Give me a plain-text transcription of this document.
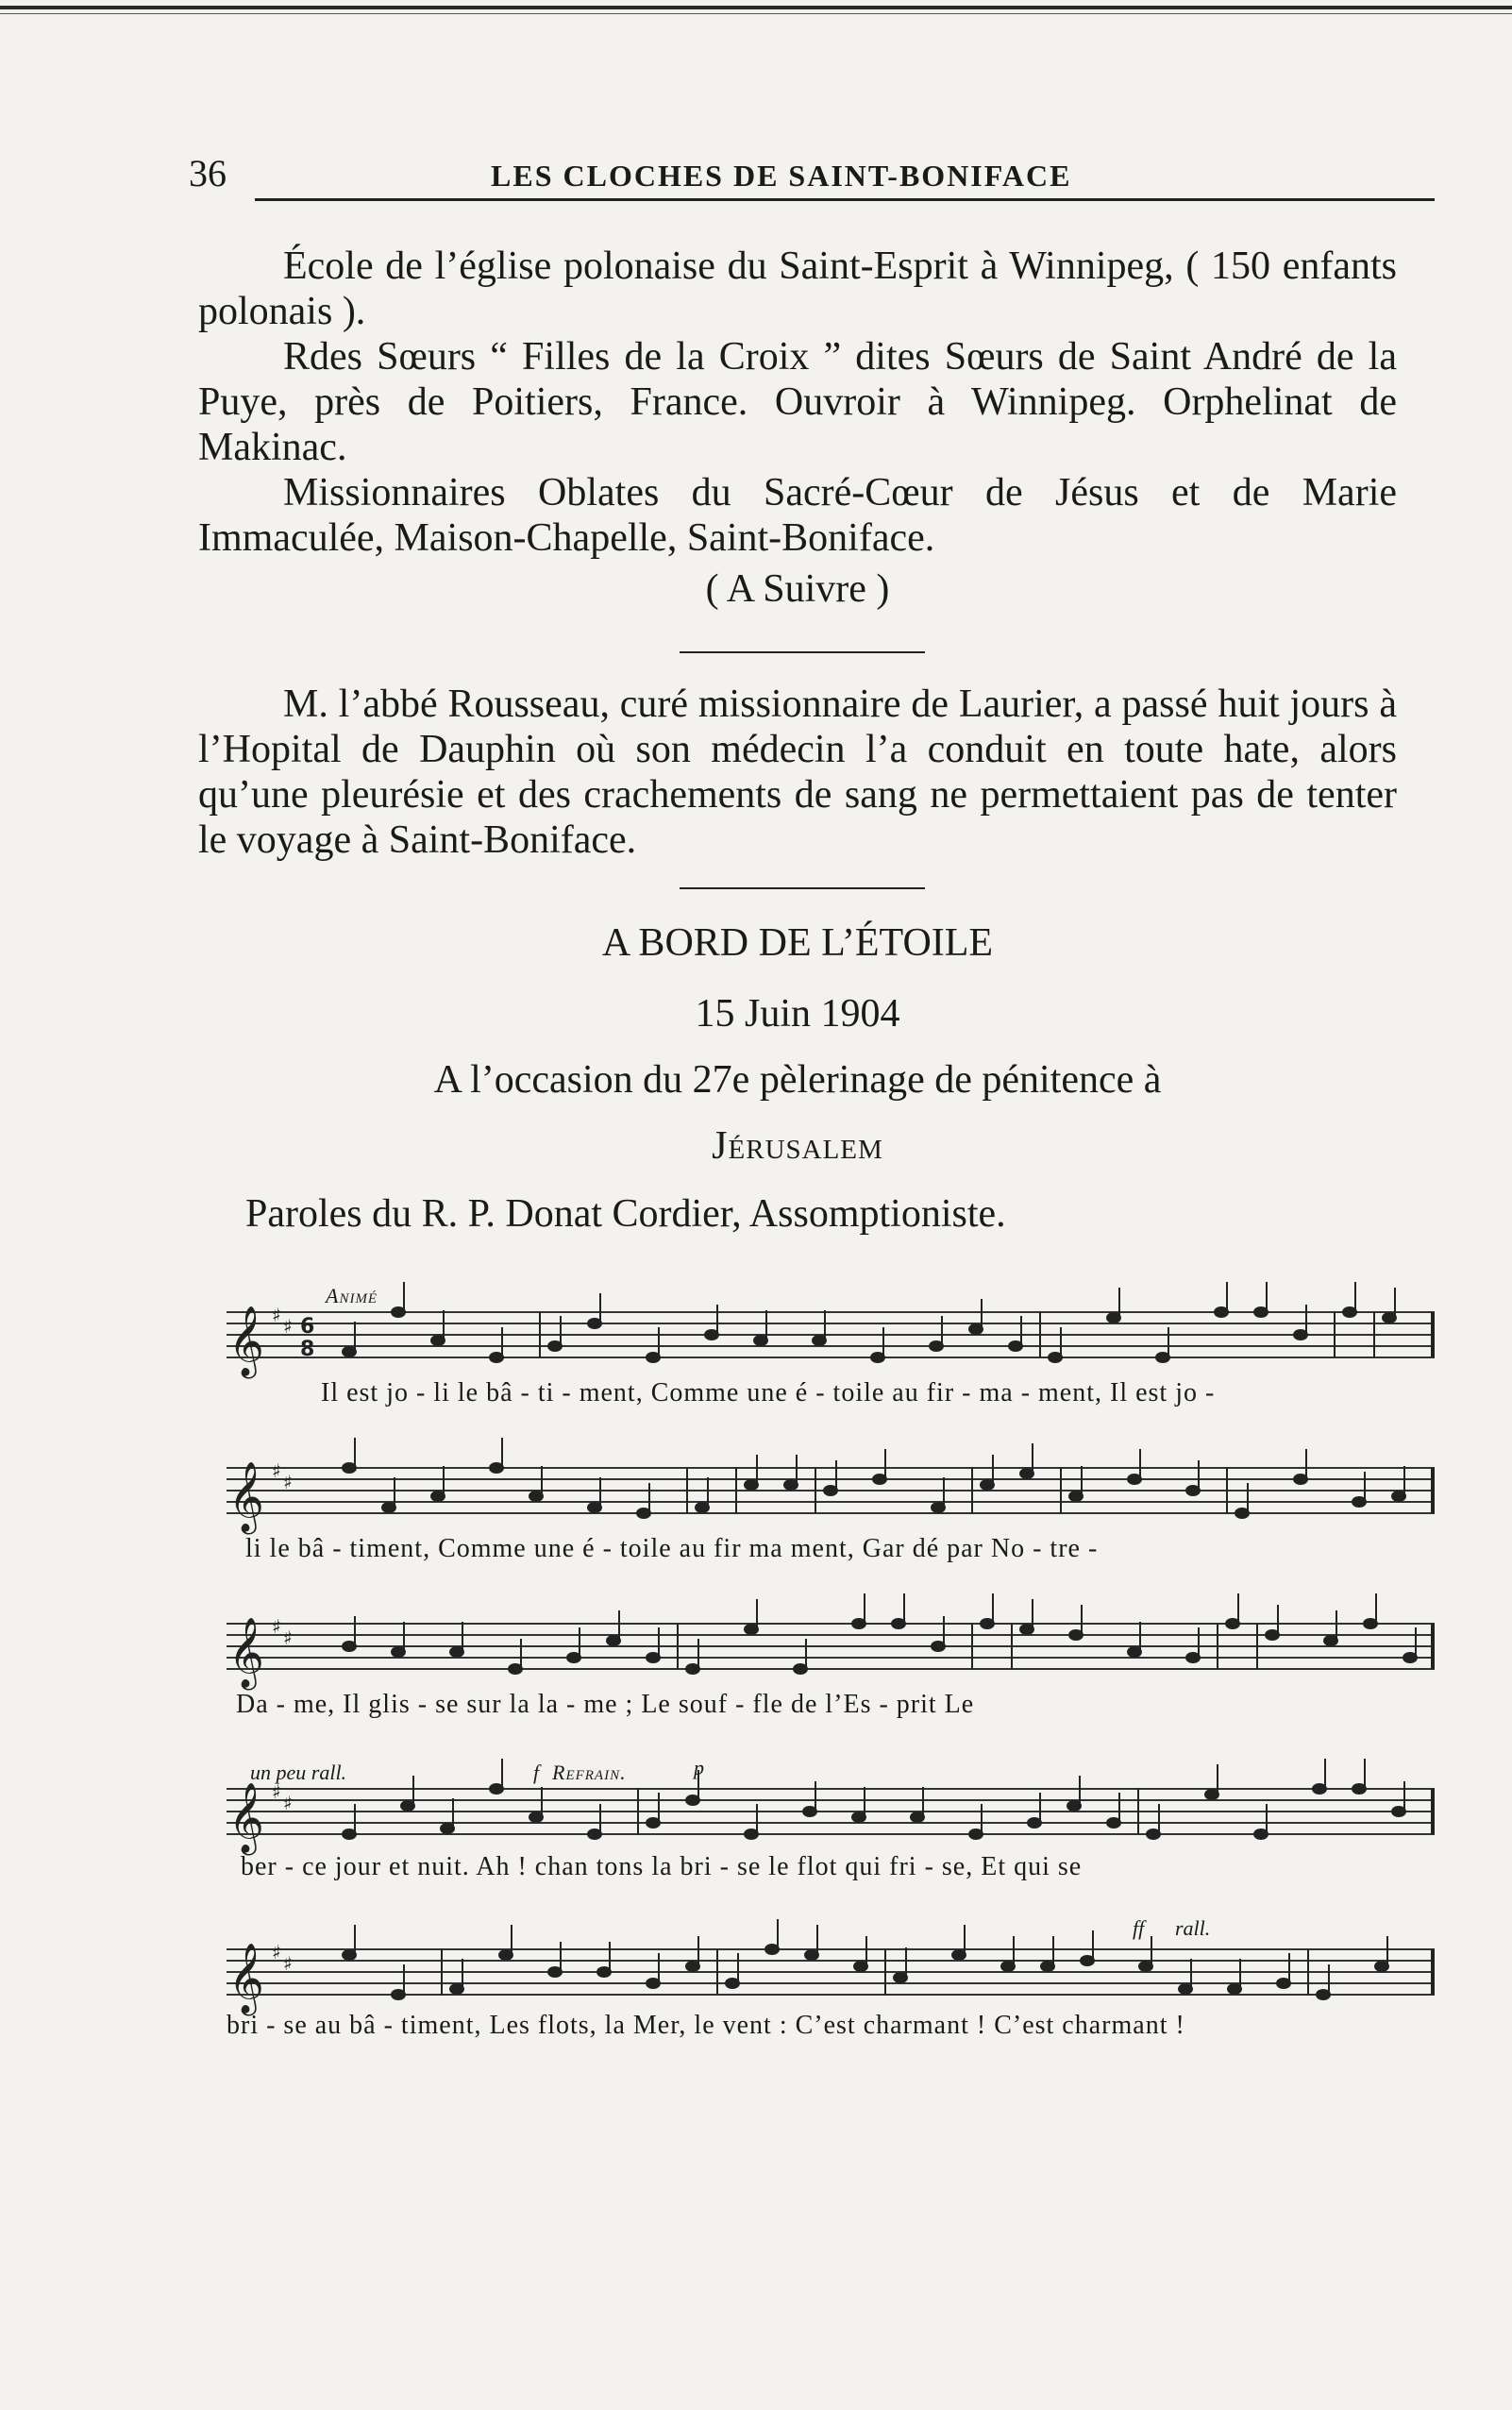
36	LES CLOCHES DE SAINT-BONIFACE

École de l’église polonaise du Saint-Esprit à Winnipeg, ( 150 enfants polonais ).

Rdes Sœurs “ Filles de la Croix ” dites Sœurs de Saint André de la Puye, près de Poitiers, France. Ouvroir à Winnipeg. Orphelinat de Makinac.

Missionnaires Oblates du Sacré-Cœur de Jésus et de Marie Immaculée, Maison-Chapelle, Saint-Boniface.

( A Suivre )

M. l’abbé Rousseau, curé missionnaire de Laurier, a passé huit jours à l’Hopital de Dauphin où son médecin l’a conduit en toute hate, alors qu’une pleurésie et des crachements de sang ne permettaient pas de tenter le voyage à Saint-Boniface.

A BORD DE L’ÉTOILE
15 Juin 1904
A l’occasion du 27e pèlerinage de pénitence à
Jérusalem
Paroles du R. P. Donat Cordier, Assomptioniste.
Animé
un peu rall.	f Refrain.	p
ff rall.
𝄞
𝄞
𝄞
𝄞
𝄞
♯ ♯
♯ ♯
♯ ♯
♯ ♯
♯ ♯
6
8
Il est jo - li le bâ - ti - ment, Comme une é - toile au fir - ma - ment, Il est jo -
li le bâ - timent, Comme une é - toile au fir ma ment, Gar dé par No - tre -
Da - me, Il glis - se sur la la - me ; Le souf - fle de l’Es - prit Le
ber - ce jour et nuit. Ah ! chan tons la bri - se le flot qui fri - se, Et qui se
bri - se au bâ - timent, Les flots, la Mer, le vent : C’est charmant ! C’est charmant !
